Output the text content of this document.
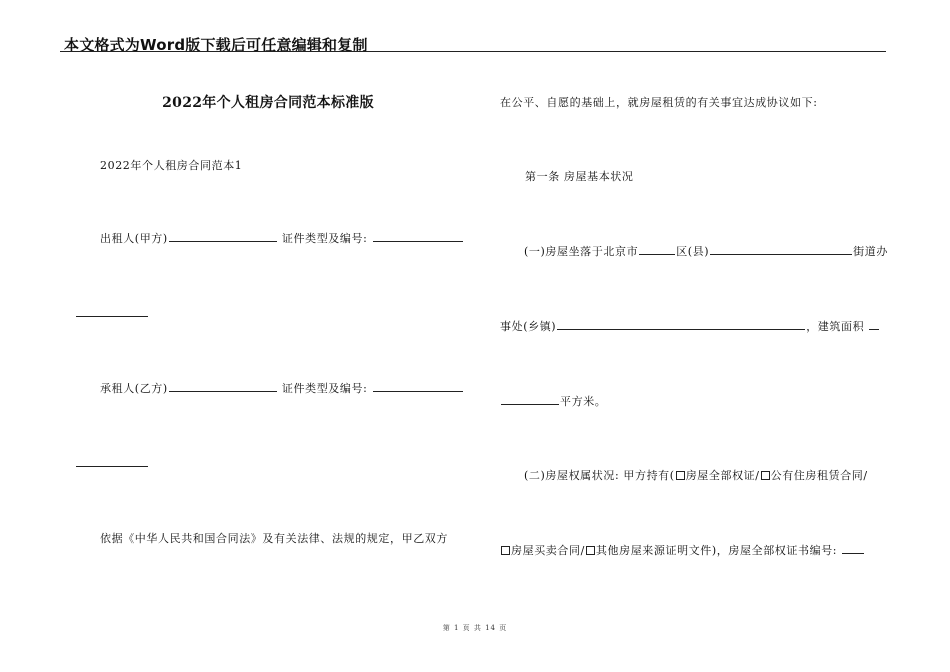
本文格式为Word版下载后可任意编辑和复制
2022年个人租房合同范本标准版
2022年个人租房合同范本1
出租人(甲方)	证件类型及编号:
承租人(乙方)	证件类型及编号:
依据《中华人民共和国合同法》及有关法律、法规的规定，甲乙双方
在公平、自愿的基础上，就房屋租赁的有关事宜达成协议如下:
第一条 房屋基本状况
(一)房屋坐落于北京市	区(县)	街道办
事处(乡镇)	，建筑面积
平方米。
(二)房屋权属状况: 甲方持有( 房屋全部权证/ 公有住房租赁合同/
房屋买卖合同/ 其他房屋来源证明文件)，房屋全部权证书编号:
第 1 页 共 14 页
